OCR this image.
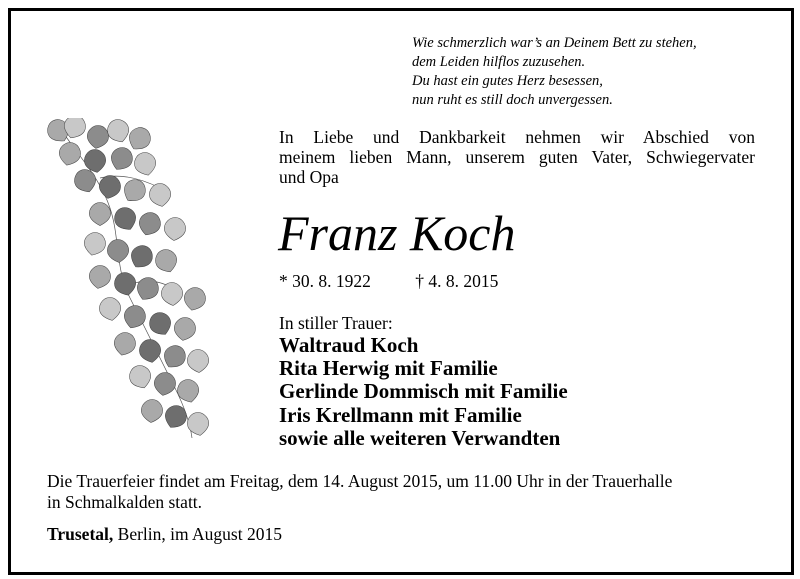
Wie schmerzlich war’s an Deinem Bett zu stehen,
dem Leiden hilflos zuzusehen.
Du hast ein gutes Herz besessen,
nun ruht es still doch unvergessen.
In Liebe und Dankbarkeit nehmen wir Abschied von
meinem lieben Mann, unserem guten Vater, Schwiegervater
und Opa
Franz Koch
* 30. 8. 1922	† 4. 8. 2015
In stiller Trauer:
Waltraud Koch
Rita Herwig mit Familie
Gerlinde Dommisch mit Familie
Iris Krellmann mit Familie
sowie alle weiteren Verwandten
Die Trauerfeier findet am Freitag, dem 14. August 2015, um 11.00 Uhr in der Trauerhalle
in Schmalkalden statt.
Trusetal, Berlin, im August 2015
